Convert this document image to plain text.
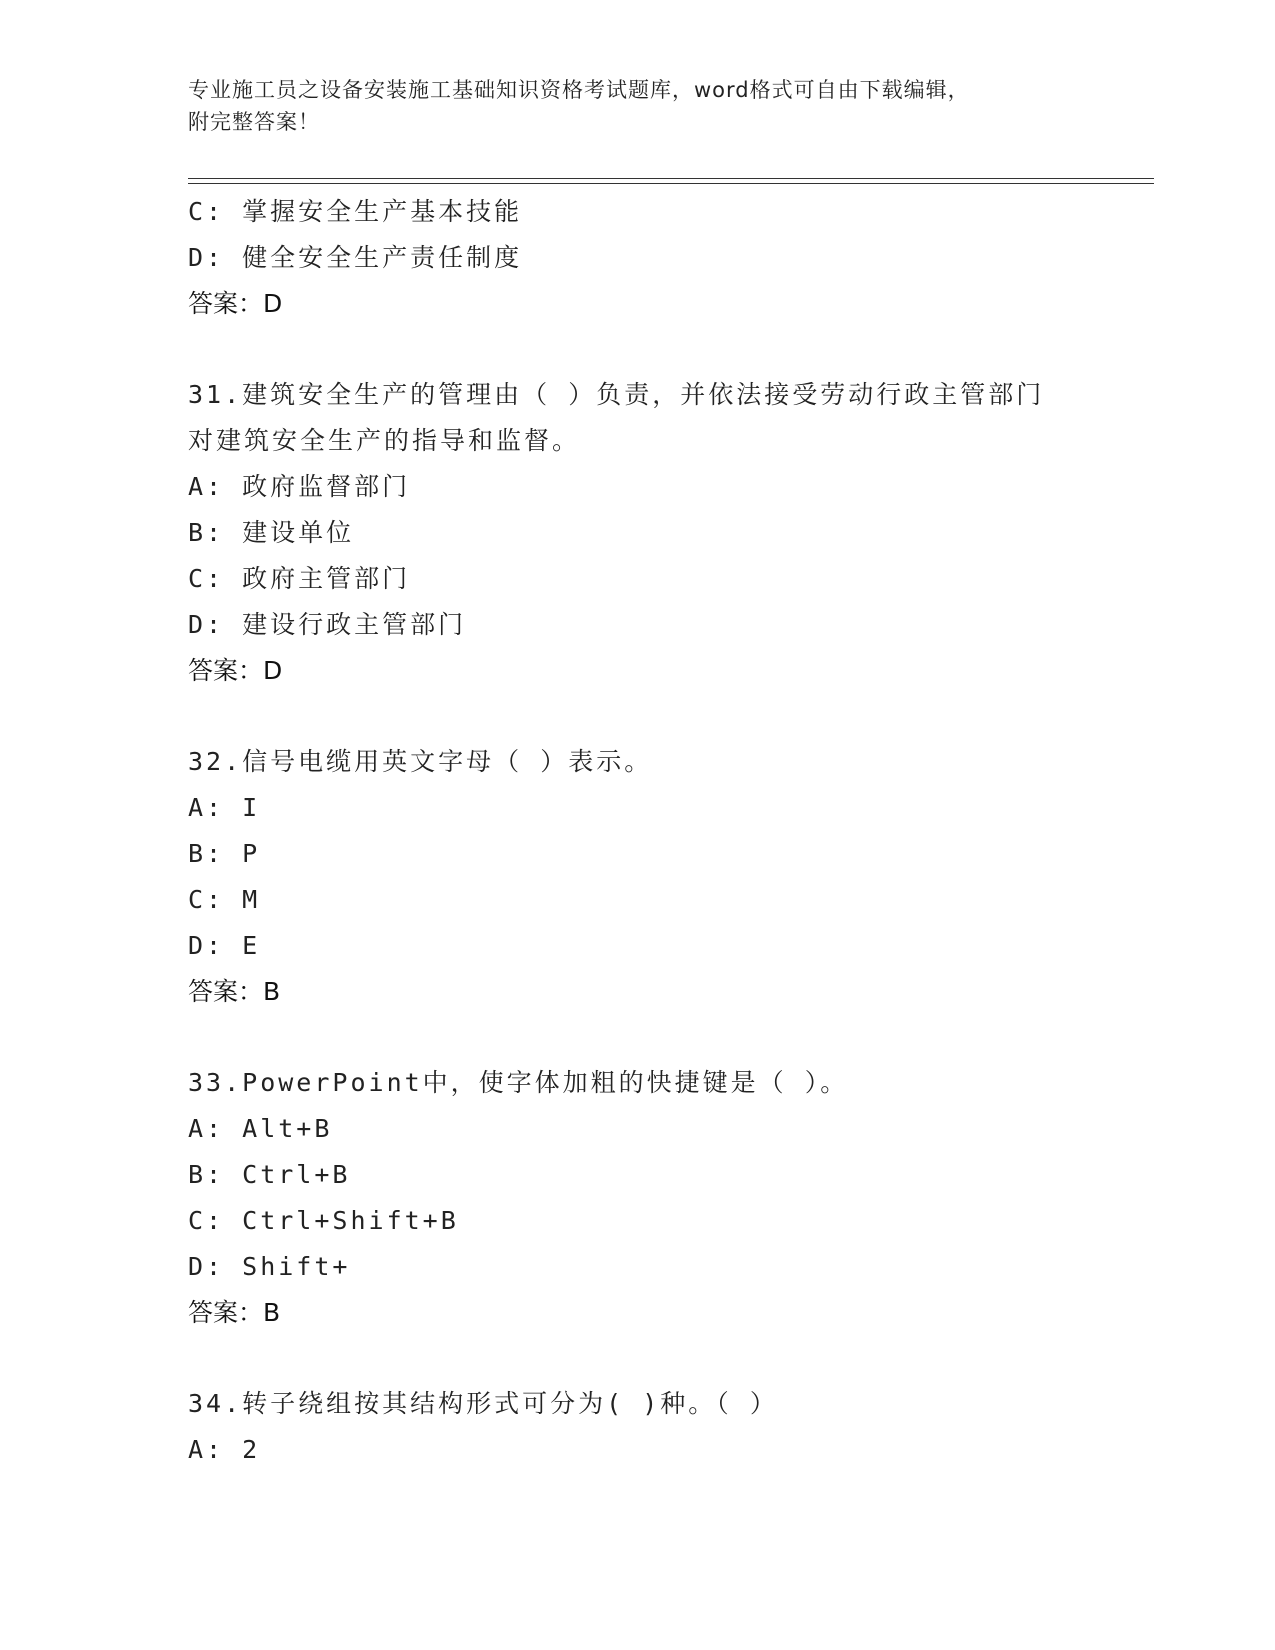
专业施工员之设备安装施工基础知识资格考试题库，word格式可自由下载编辑，
附完整答案！
C: 掌握安全生产基本技能
D: 健全安全生产责任制度
答案：D
31.建筑安全生产的管理由（ ）负责，并依法接受劳动行政主管部门
对建筑安全生产的指导和监督。
A: 政府监督部门
B: 建设单位
C: 政府主管部门
D: 建设行政主管部门
答案：D
32.信号电缆用英文字母（ ）表示。
A: I
B: P
C: M
D: E
答案：B
33.PowerPoint中，使字体加粗的快捷键是（ ）。
A: Alt+B
B: Ctrl+B
C: Ctrl+Shift+B
D: Shift+
答案：B
34.转子绕组按其结构形式可分为( )种。（ ）
A: 2
